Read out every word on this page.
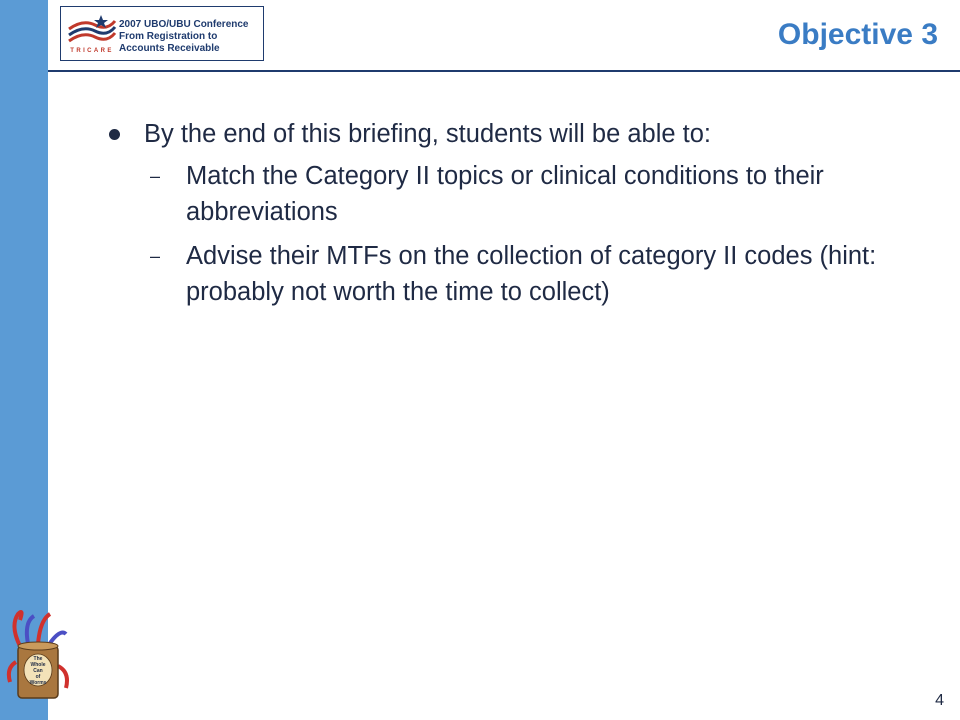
TRICARE
2007 UBO/UBU Conference
From Registration to
Accounts Receivable	Objective 3
By the end of this briefing, students will be able to:
– Match the Category II topics or clinical conditions to their abbreviations
– Advise their MTFs on the collection of category II codes (hint: probably not worth the time to collect)
The
Whole
Can
of
Worms
4
